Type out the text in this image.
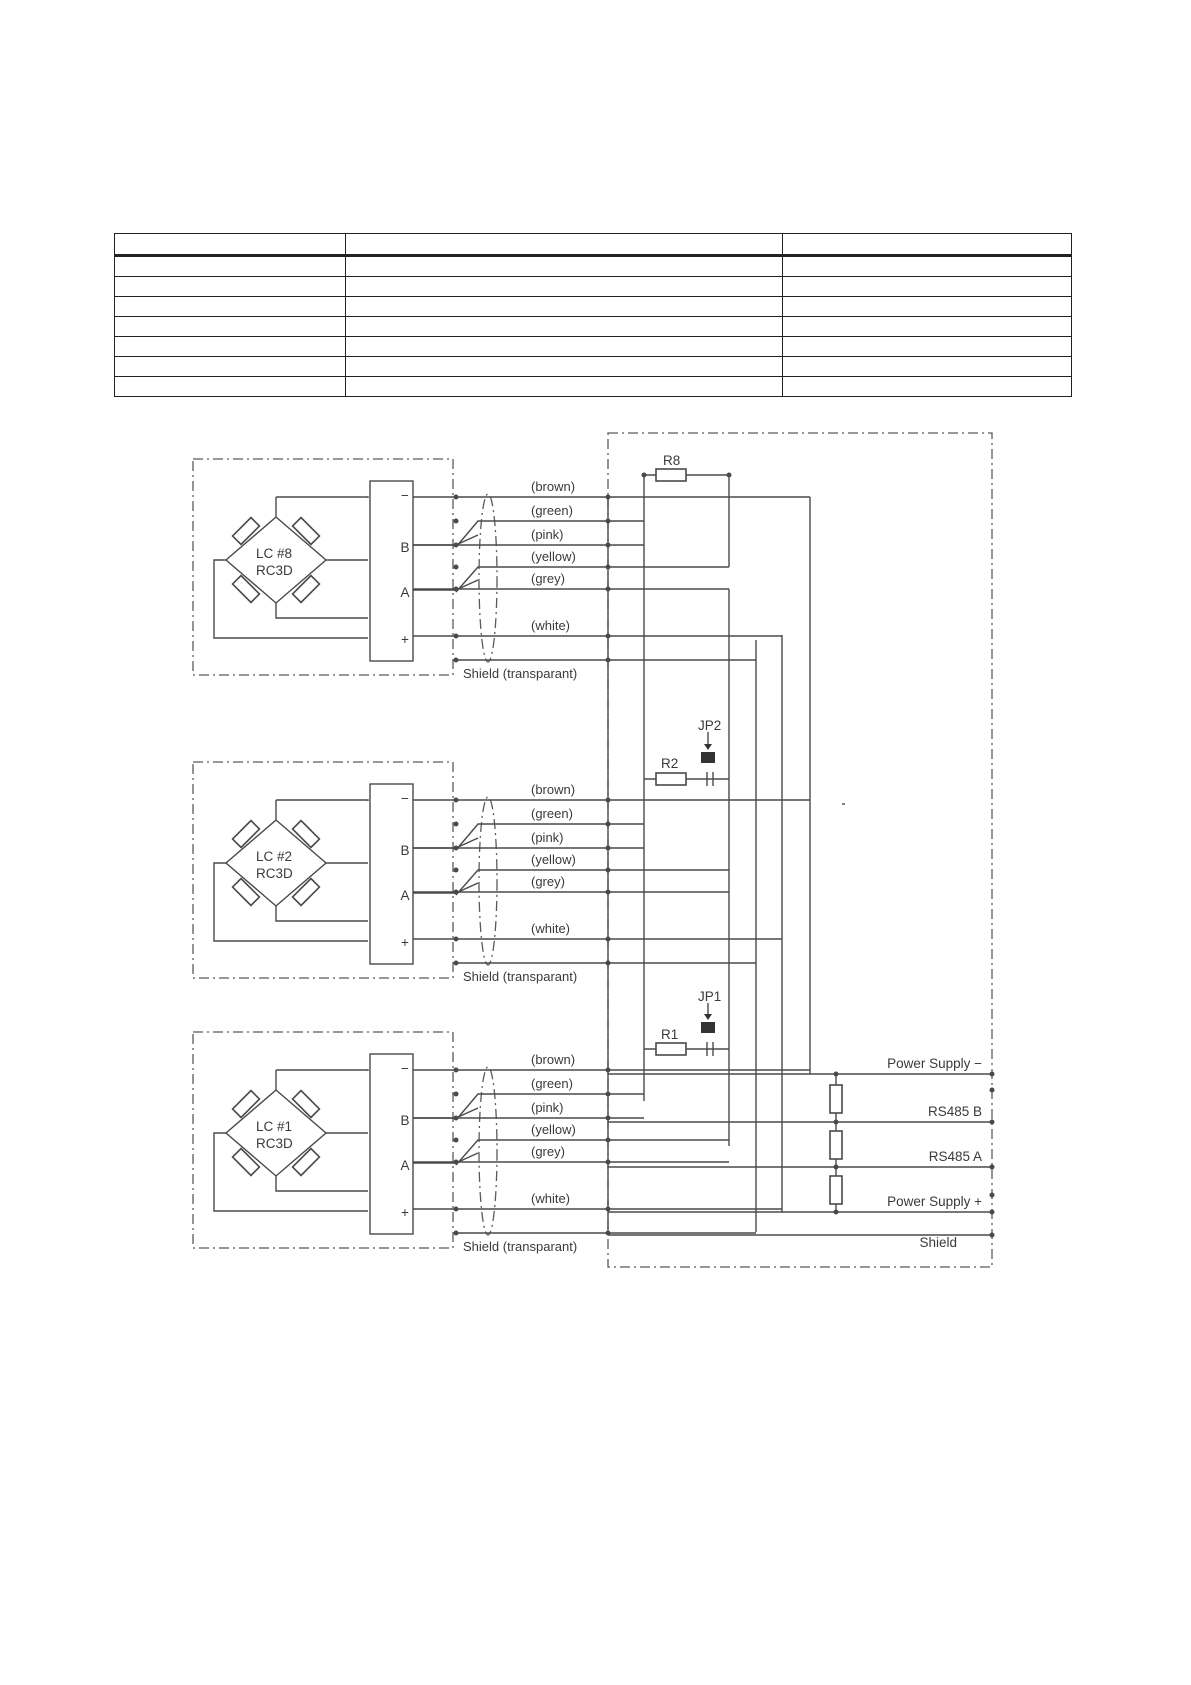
LC #8
RC3D
−
B
A
+
(brown)
(green)
(pink)
(yellow)
(grey)
(white)
Shield (transparant)
LC #2
RC3D
−
B
A
+
(brown)
(green)
(pink)
(yellow)
(grey)
(white)
Shield (transparant)
LC #1
RC3D
−
B
A
+
(brown)
(green)
(pink)
(yellow)
(grey)
(white)
Shield (transparant)
R8
JP2
R2
JP1
R1
Power Supply −
RS485 B
RS485 A
Power Supply +
Shield
